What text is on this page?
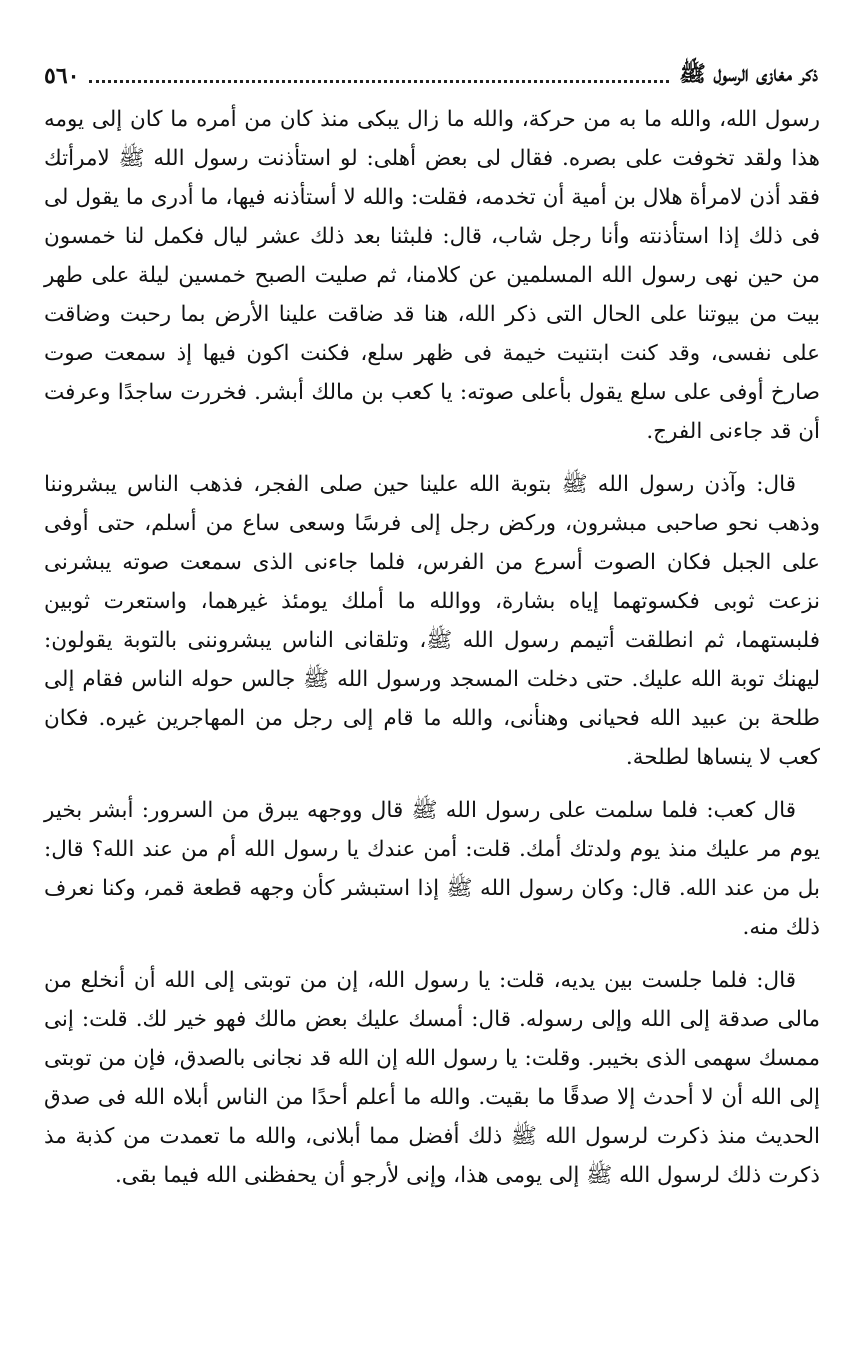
ذكر مغازى الرسول ﷺ
٥٦٠

رسول الله، والله ما به من حركة، والله ما زال يبكى منذ كان من أمره ما كان إلى يومه هذا ولقد تخوفت على بصره. فقال لى بعض أهلى: لو استأذنت رسول الله ﷺ لامرأتك فقد أذن لامرأة هلال بن أمية أن تخدمه، فقلت: والله لا أستأذنه فيها، ما أدرى ما يقول لى فى ذلك إذا استأذنته وأنا رجل شاب، قال: فلبثنا بعد ذلك عشر ليال فكمل لنا خمسون من حين نهى رسول الله المسلمين عن كلامنا، ثم صليت الصبح خمسين ليلة على طهر بيت من بيوتنا على الحال التى ذكر الله، هنا قد ضاقت علينا الأرض بما رحبت وضاقت على نفسى، وقد كنت ابتنيت خيمة فى ظهر سلع، فكنت اكون فيها إذ سمعت صوت صارخ أوفى على سلع يقول بأعلى صوته: يا كعب بن مالك أبشر. فخررت ساجدًا وعرفت أن قد جاءنى الفرج.

قال: وآذن رسول الله ﷺ بتوبة الله علينا حين صلى الفجر، فذهب الناس يبشروننا وذهب نحو صاحبى مبشرون، وركض رجل إلى فرسًا وسعى ساع من أسلم، حتى أوفى على الجبل فكان الصوت أسرع من الفرس، فلما جاءنى الذى سمعت صوته يبشرنى نزعت ثوبى فكسوتهما إياه بشارة، ووالله ما أملك يومئذ غيرهما، واستعرت ثوبين فلبستهما، ثم انطلقت أتيمم رسول الله ﷺ، وتلقانى الناس يبشروننى بالتوبة يقولون: ليهنك توبة الله عليك. حتى دخلت المسجد ورسول الله ﷺ جالس حوله الناس فقام إلى طلحة بن عبيد الله فحيانى وهنأنى، والله ما قام إلى رجل من المهاجرين غيره. فكان كعب لا ينساها لطلحة.

قال كعب: فلما سلمت على رسول الله ﷺ قال ووجهه يبرق من السرور: أبشر بخير يوم مر عليك منذ يوم ولدتك أمك. قلت: أمن عندك يا رسول الله أم من عند الله؟ قال: بل من عند الله. قال: وكان رسول الله ﷺ إذا استبشر كأن وجهه قطعة قمر، وكنا نعرف ذلك منه.

قال: فلما جلست بين يديه، قلت: يا رسول الله، إن من توبتى إلى الله أن أنخلع من مالى صدقة إلى الله وإلى رسوله. قال: أمسك عليك بعض مالك فهو خير لك. قلت: إنى ممسك سهمى الذى بخيبر. وقلت: يا رسول الله إن الله قد نجانى بالصدق، فإن من توبتى إلى الله أن لا أحدث إلا صدقًا ما بقيت. والله ما أعلم أحدًا من الناس أبلاه الله فى صدق الحديث منذ ذكرت لرسول الله ﷺ ذلك أفضل مما أبلانى، والله ما تعمدت من كذبة مذ ذكرت ذلك لرسول الله ﷺ إلى يومى هذا، وإنى لأرجو أن يحفظنى الله فيما بقى.
